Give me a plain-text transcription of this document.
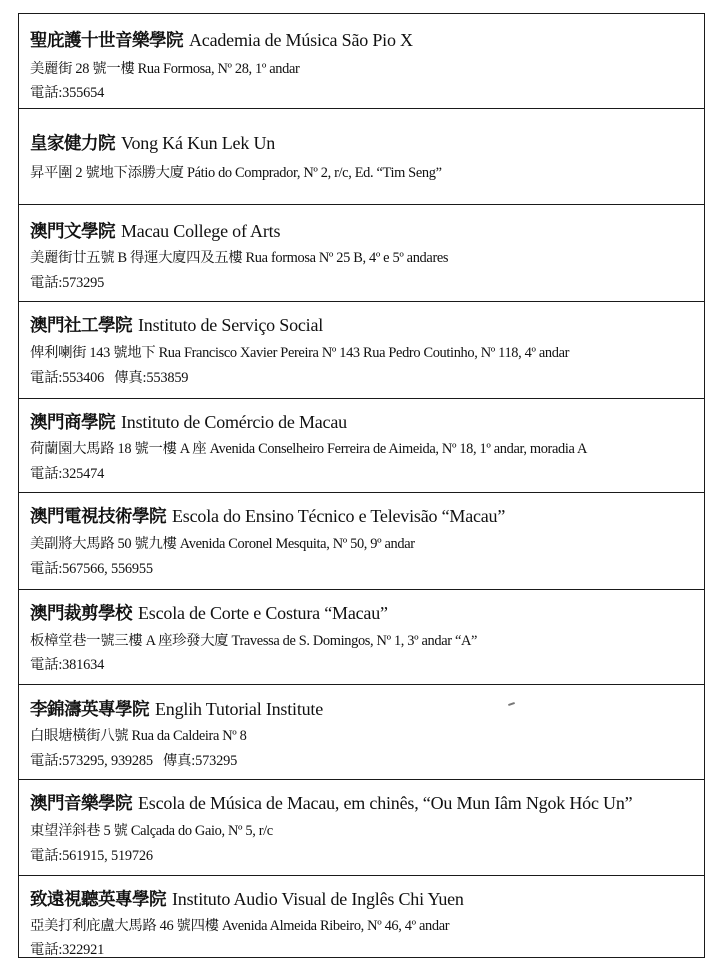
聖庇護十世音樂學院 Academia de Música São Pio X
美麗街 28 號一樓 Rua Formosa, Nº 28, 1º andar
電話:355654
皇家健力院 Vong Ká Kun Lek Un
昇平圍 2 號地下添勝大廈 Pátio do Comprador, Nº 2, r/c, Ed. “Tim Seng”
澳門文學院 Macau College of Arts
美麗街廿五號 B 得運大廈四及五樓 Rua formosa Nº 25 B, 4º e 5º andares
電話:573295
澳門社工學院 Instituto de Serviço Social
俾利喇街 143 號地下 Rua Francisco Xavier Pereira Nº 143 Rua Pedro Coutinho, Nº 118, 4º andar
電話:553406 傳真:553859
澳門商學院 Instituto de Comércio de Macau
荷蘭園大馬路 18 號一樓 A 座 Avenida Conselheiro Ferreira de Aimeida, Nº 18, 1º andar, moradia A
電話:325474
澳門電視技術學院 Escola do Ensino Técnico e Televisão “Macau”
美副將大馬路 50 號九樓 Avenida Coronel Mesquita, Nº 50, 9º andar
電話:567566, 556955
澳門裁剪學校 Escola de Corte e Costura “Macau”
板樟堂巷一號三樓 A 座珍發大廈 Travessa de S. Domingos, Nº 1, 3º andar “A”
電話:381634
李錦濤英專學院 Englih Tutorial Institute
白眼塘橫街八號 Rua da Caldeira Nº 8
電話:573295, 939285 傳真:573295
澳門音樂學院 Escola de Música de Macau, em chinês, “Ou Mun Iâm Ngok Hóc Un”
東望洋斜巷 5 號 Calçada do Gaio, Nº 5, r/c
電話:561915, 519726
致遠視聽英專學院 Instituto Audio Visual de Inglês Chi Yuen
亞美打利庇盧大馬路 46 號四樓 Avenida Almeida Ribeiro, Nº 46, 4º andar
電話:322921
